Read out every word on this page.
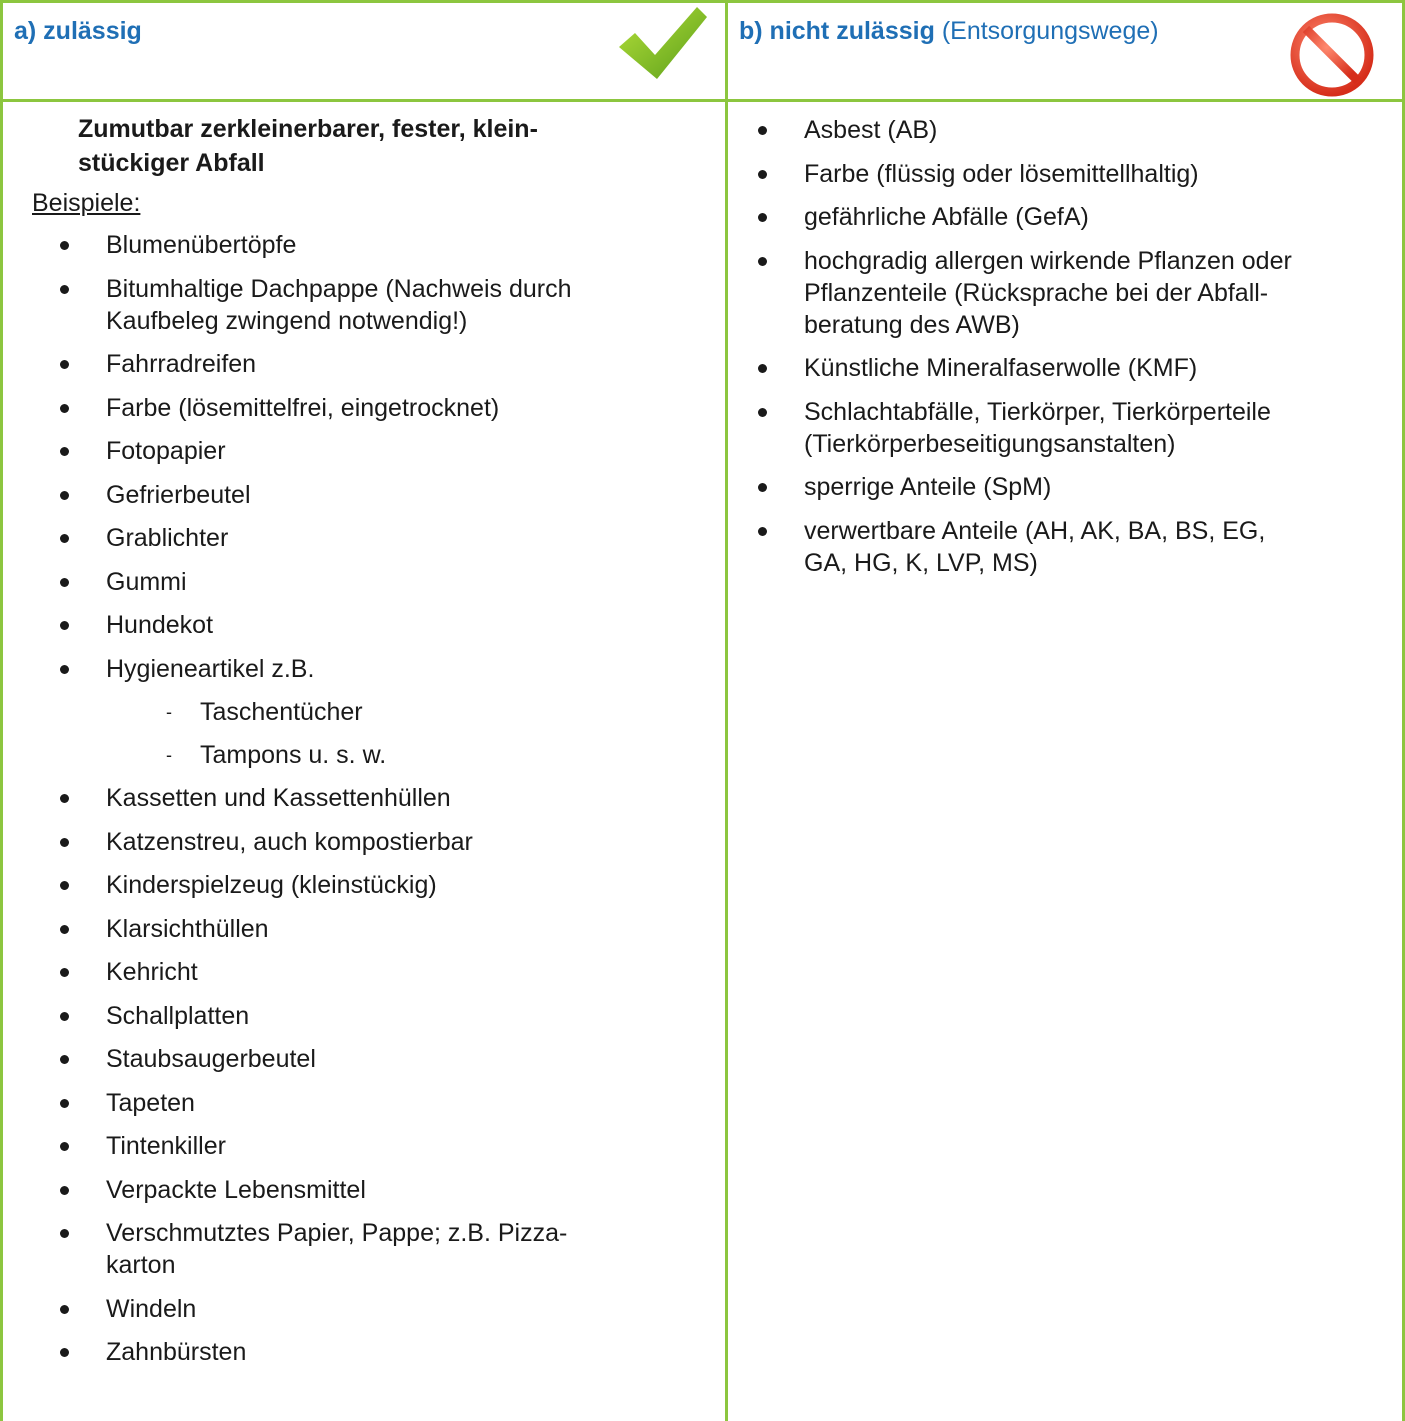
a) zulässig	b) nicht zulässig (Entsorgungswege)
Zumutbar zerkleinerbarer, fester, klein-
stückiger Abfall
Beispiele:
Blumenübertöpfe
Bitumhaltige Dachpappe (Nachweis durch
Kaufbeleg zwingend notwendig!)
Fahrradreifen
Farbe (lösemittelfrei, eingetrocknet)
Fotopapier
Gefrierbeutel
Grablichter
Gummi
Hundekot
Hygieneartikel z.B.
- Taschentücher
- Tampons u. s. w.
Kassetten und Kassettenhüllen
Katzenstreu, auch kompostierbar
Kinderspielzeug (kleinstückig)
Klarsichthüllen
Kehricht
Schallplatten
Staubsaugerbeutel
Tapeten
Tintenkiller
Verpackte Lebensmittel
Verschmutztes Papier, Pappe; z.B. Pizza-
karton
Windeln
Zahnbürsten
Asbest (AB)
Farbe (flüssig oder lösemittellhaltig)
gefährliche Abfälle (GefA)
hochgradig allergen wirkende Pflanzen oder
Pflanzenteile (Rücksprache bei der Abfall-
beratung des AWB)
Künstliche Mineralfaserwolle (KMF)
Schlachtabfälle, Tierkörper, Tierkörperteile
(Tierkörperbeseitigungsanstalten)
sperrige Anteile (SpM)
verwertbare Anteile (AH, AK, BA, BS, EG,
GA, HG, K, LVP, MS)
